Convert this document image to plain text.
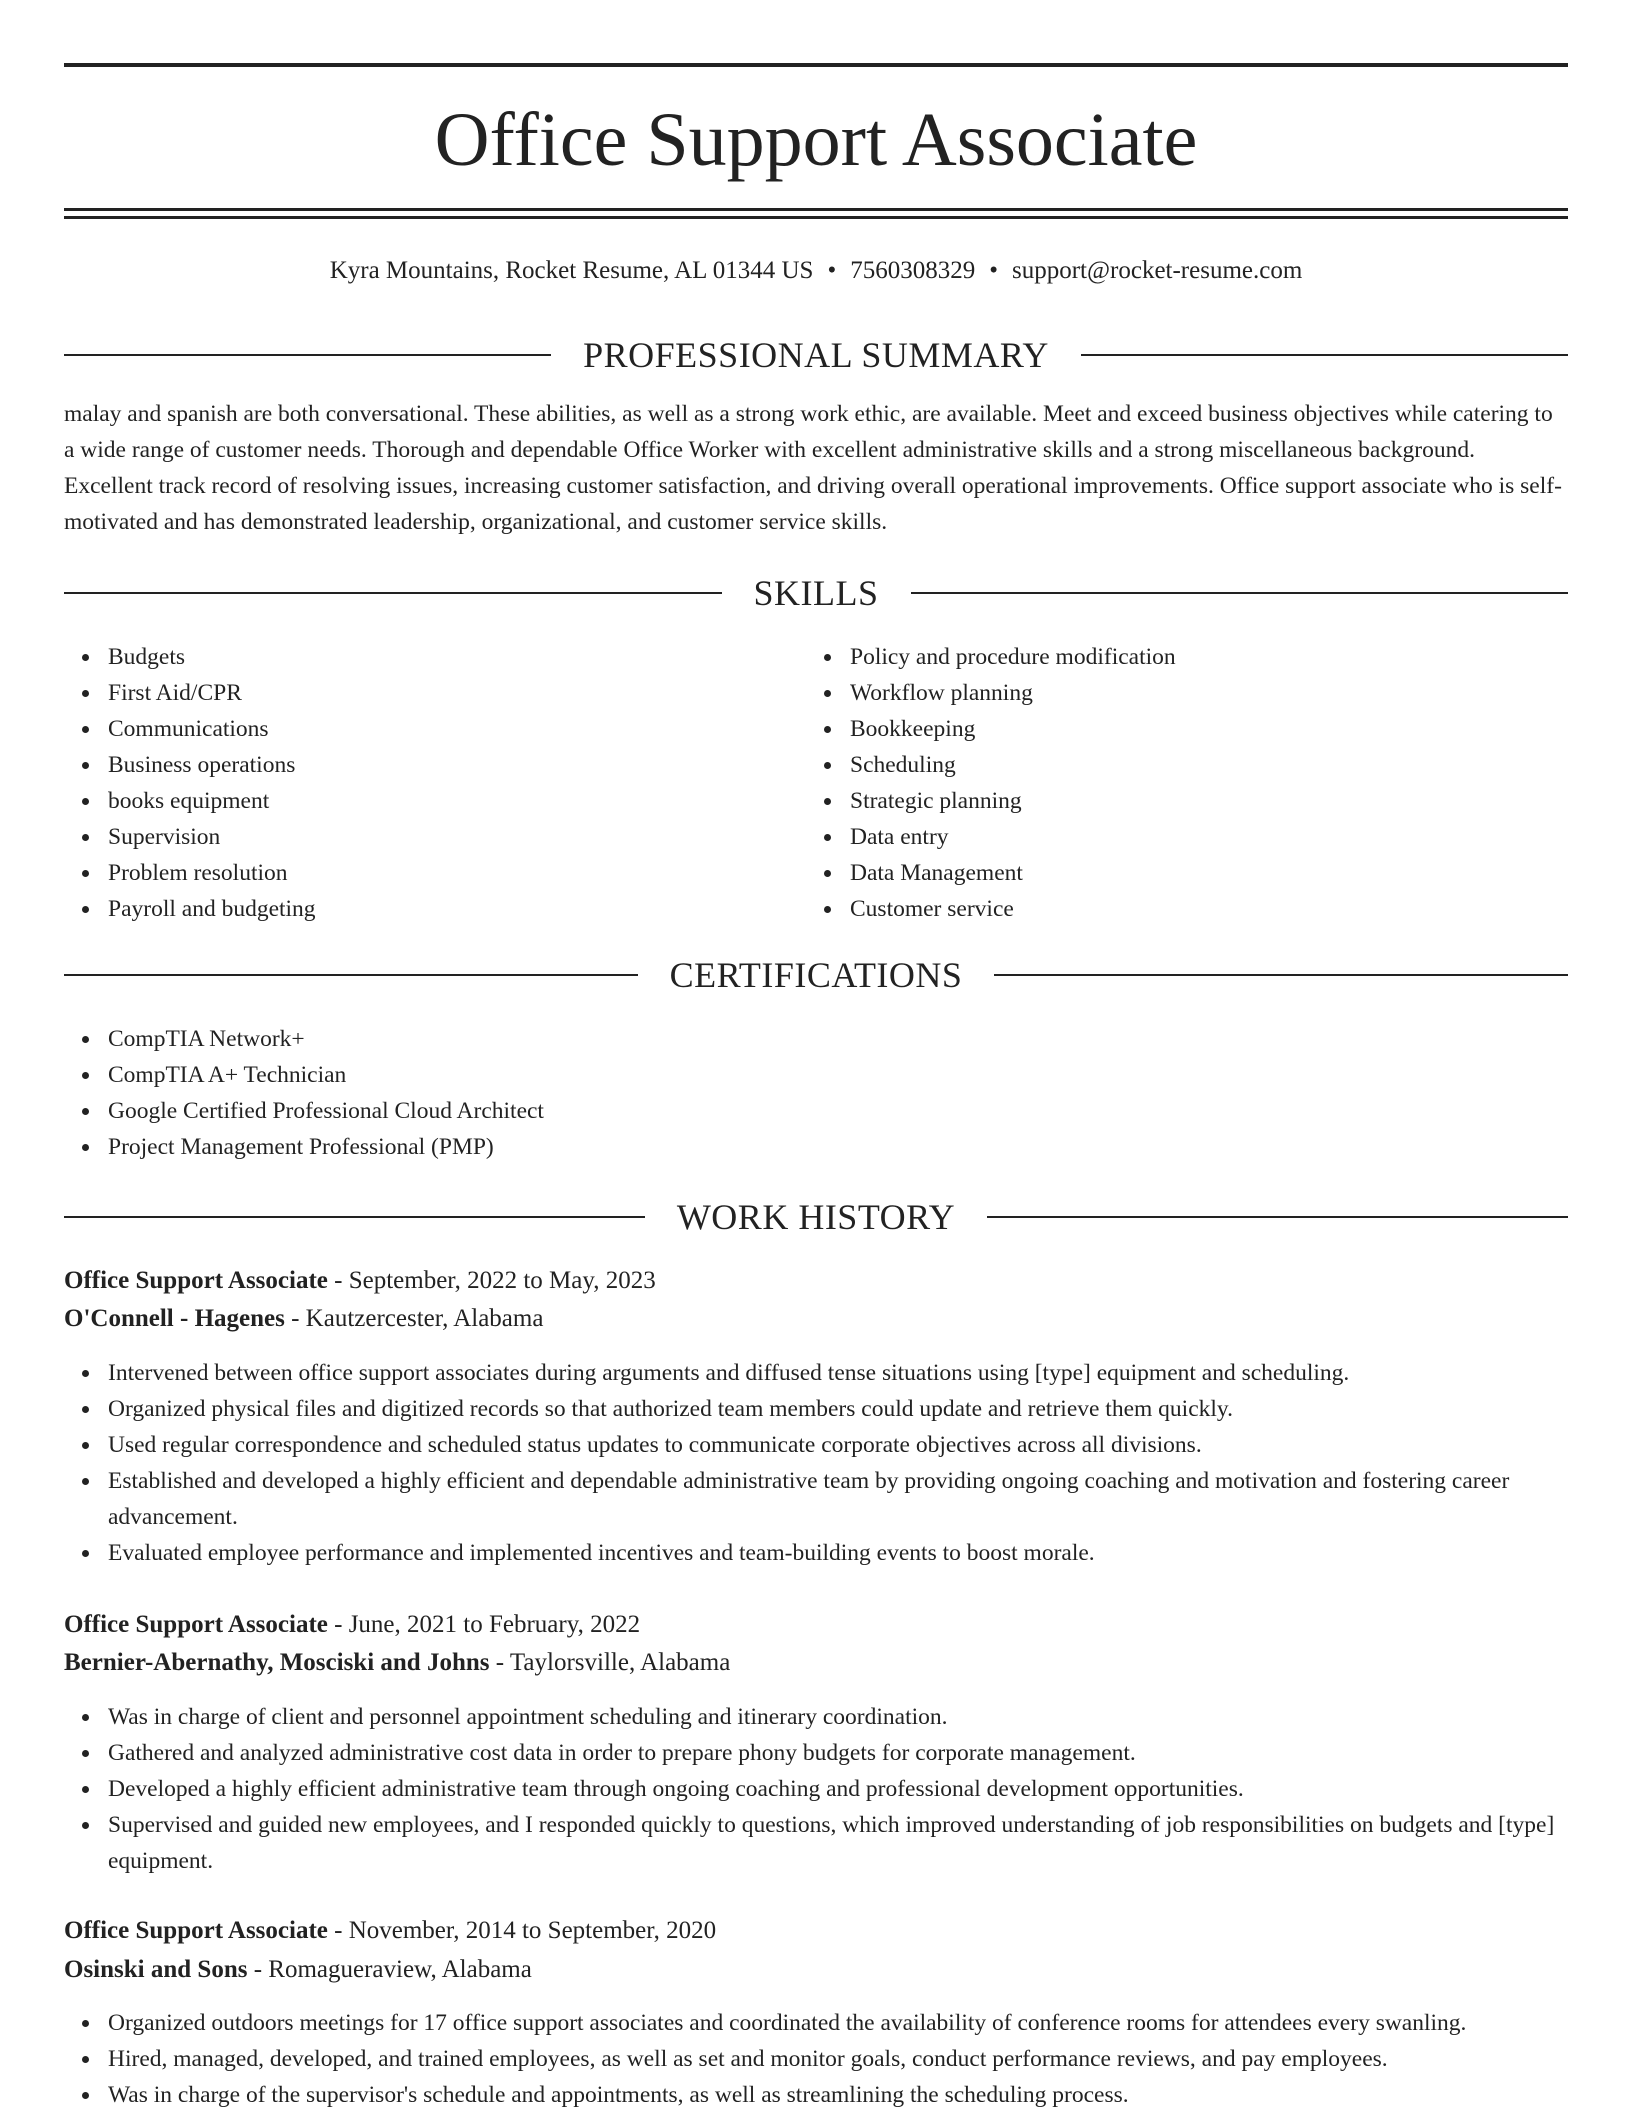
Office Support Associate
Kyra Mountains, Rocket Resume, AL 01344 US • 7560308329 • support@rocket-resume.com
PROFESSIONAL SUMMARY

malay and spanish are both conversational. These abilities, as well as a strong work ethic, are available. Meet and exceed business objectives while catering to a wide range of customer needs. Thorough and dependable Office Worker with excellent administrative skills and a strong miscellaneous background. Excellent track record of resolving issues, increasing customer satisfaction, and driving overall operational improvements. Office support associate who is self-motivated and has demonstrated leadership, organizational, and customer service skills.

SKILLS
Budgets
First Aid/CPR
Communications
Business operations
books equipment
Supervision
Problem resolution
Payroll and budgeting
Policy and procedure modification
Workflow planning
Bookkeeping
Scheduling
Strategic planning
Data entry
Data Management
Customer service
CERTIFICATIONS
CompTIA Network+
CompTIA A+ Technician
Google Certified Professional Cloud Architect
Project Management Professional (PMP)
WORK HISTORY
Office Support Associate - September, 2022 to May, 2023
O'Connell - Hagenes - Kautzercester, Alabama
Intervened between office support associates during arguments and diffused tense situations using [type] equipment and scheduling.
Organized physical files and digitized records so that authorized team members could update and retrieve them quickly.
Used regular correspondence and scheduled status updates to communicate corporate objectives across all divisions.
Established and developed a highly efficient and dependable administrative team by providing ongoing coaching and motivation and fostering career advancement.
Evaluated employee performance and implemented incentives and team-building events to boost morale.
Office Support Associate - June, 2021 to February, 2022
Bernier-Abernathy, Mosciski and Johns - Taylorsville, Alabama
Was in charge of client and personnel appointment scheduling and itinerary coordination.
Gathered and analyzed administrative cost data in order to prepare phony budgets for corporate management.
Developed a highly efficient administrative team through ongoing coaching and professional development opportunities.
Supervised and guided new employees, and I responded quickly to questions, which improved understanding of job responsibilities on budgets and [type] equipment.
Office Support Associate - November, 2014 to September, 2020
Osinski and Sons - Romagueraview, Alabama
Organized outdoors meetings for 17 office support associates and coordinated the availability of conference rooms for attendees every swanling.
Hired, managed, developed, and trained employees, as well as set and monitor goals, conduct performance reviews, and pay employees.
Was in charge of the supervisor's schedule and appointments, as well as streamlining the scheduling process.
